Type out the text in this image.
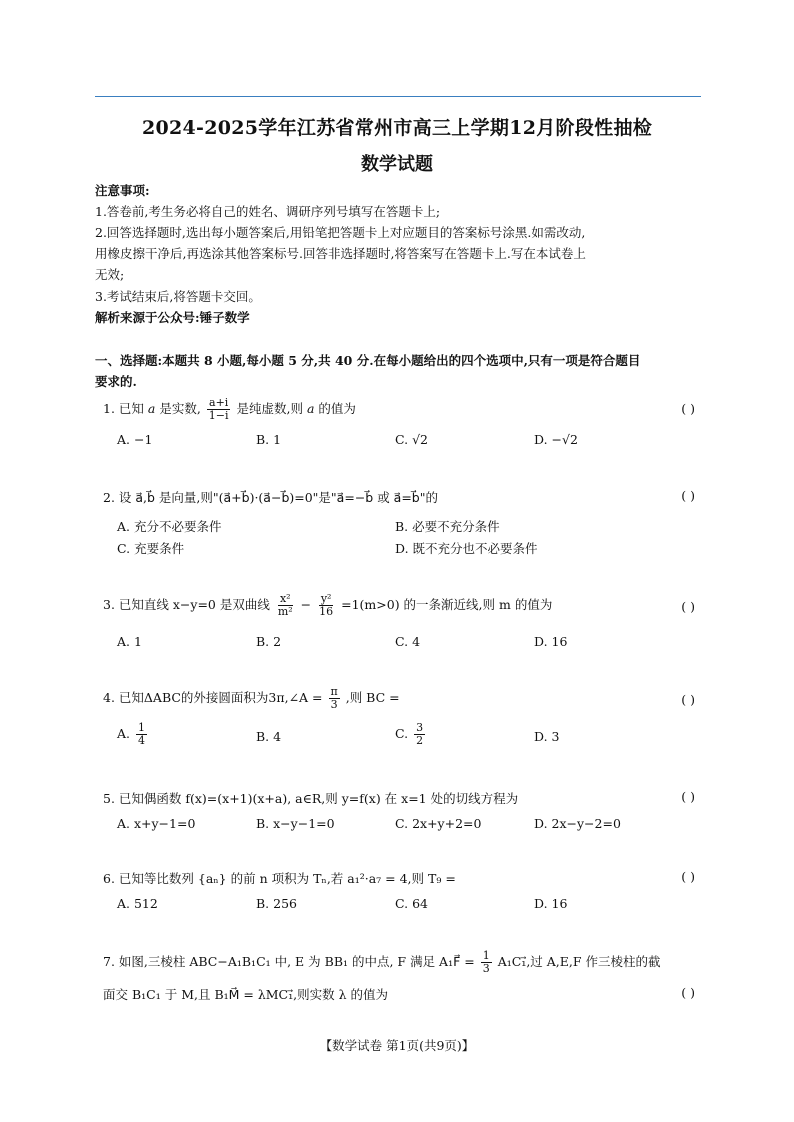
2024-2025学年江苏省常州市高三上学期12月阶段性抽检
数学试题
注意事项:
1.答卷前,考生务必将自己的姓名、调研序列号填写在答题卡上;
2.回答选择题时,选出每小题答案后,用铅笔把答题卡上对应题目的答案标号涂黑.如需改动,
用橡皮擦干净后,再选涂其他答案标号.回答非选择题时,将答案写在答题卡上.写在本试卷上
无效;
3.考试结束后,将答题卡交回。
解析来源于公众号:锤子数学
一、选择题:本题共 8 小题,每小题 5 分,共 40 分.在每小题给出的四个选项中,只有一项是符合题目
要求的.
1. 已知 a 是实数, $\frac{a+i}{1-i}$ 是纯虚数,则 a 的值为	( )
A. −1	B. 1	C. √2	D. −√2
2. 设 a⃗,b⃗ 是向量,则"(a⃗+b⃗)·(a⃗−b⃗)=0"是"a⃗=−b⃗ 或 a⃗=b⃗"的	( )
A. 充分不必要条件	B. 必要不充分条件
C. 充要条件	D. 既不充分也不必要条件
3. 已知直线 x−y=0 是双曲线 $\frac{\text{x²}}{\text{m²}} - \frac{\text{y²}}{16} =1(m>0)$ 的一条渐近线,则 m 的值为	( )
A. 1	B. 2	C. 4	D. 16
4. 已知ΔABC的外接圆面积为3π,∠A = $\frac{\pi}{3}$ ,则 BC =	( )
A. $\frac{1}{4}$	B. 4	C. $\frac{3}{2}$	D. 3
5. 已知偶函数 f(x)=(x+1)(x+a), a∈R,则 y=f(x) 在 x=1 处的切线方程为	( )
A. x+y−1=0	B. x−y−1=0	C. 2x+y+2=0	D. 2x−y−2=0
6. 已知等比数列 {aₙ} 的前 n 项积为 Tₙ,若 a₁²·a₇ = 4,则 T₉ =	( )
A. 512	B. 256	C. 64	D. 16
7. 如图,三棱柱 ABC−A₁B₁C₁ 中, E 为 BB₁ 的中点, F 满足 A₁F⃗ = $\frac{1}{3}$ A₁C₁⃗,过 A,E,F 作三棱柱的截
面交 B₁C₁ 于 M,且 B₁M⃗ = λMC₁⃗,则实数 λ 的值为	( )
【数学试卷 第1页(共9页)】
